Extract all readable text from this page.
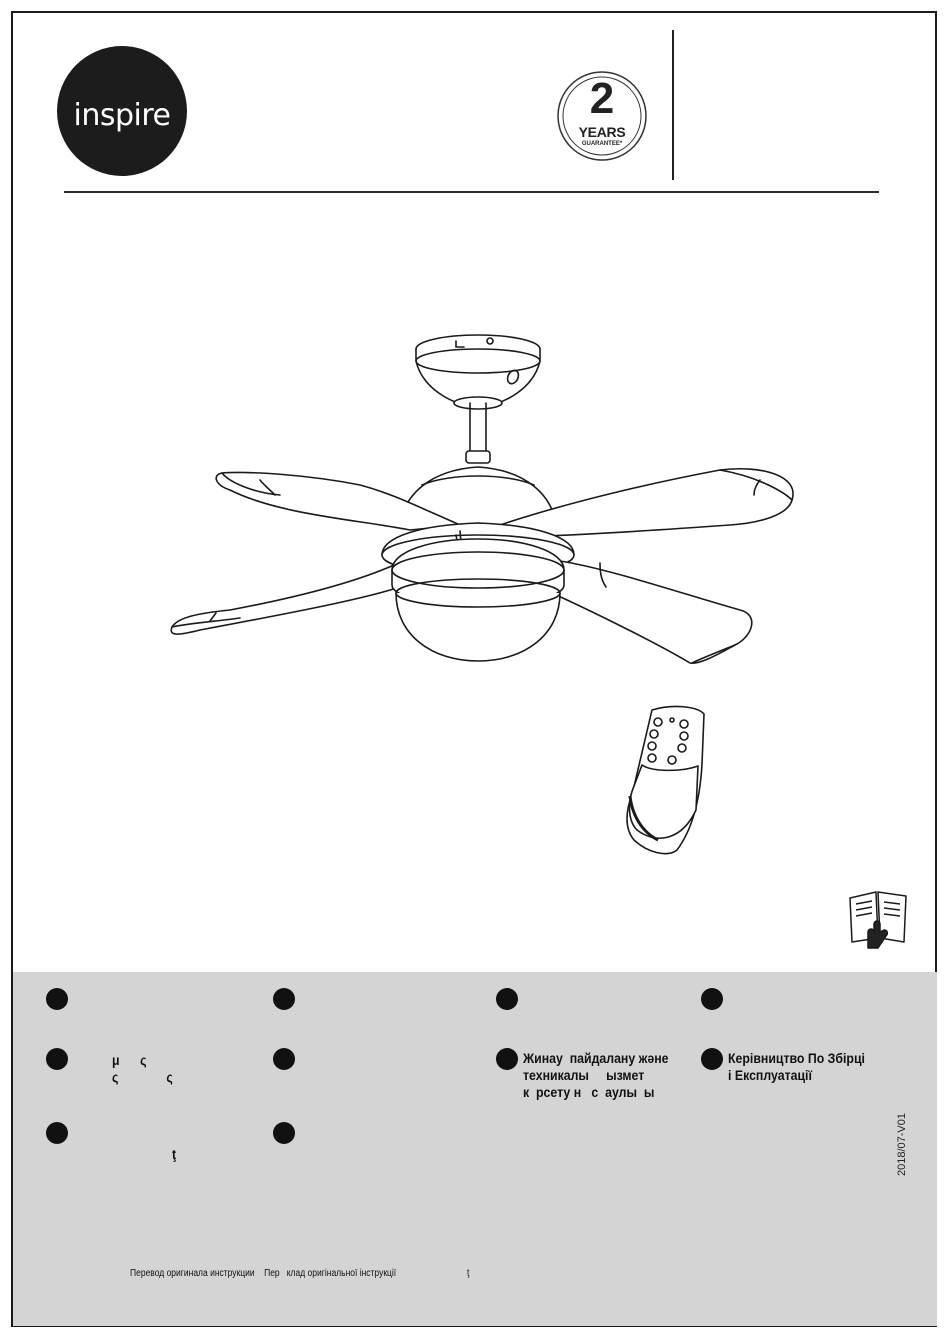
inspire	2
YEARS
GUARANTEE*
μ      ς
ς              ς
Жинау  пайдалану және
техникалы     ызмет
к  рсету н   с  аулы  ы
Керівництво По Збірці
і Експлуатації
ţ	2018/07-V01
Перевод оригинала инструкции    Пер   клад оригінальної інструкції                              ţ
